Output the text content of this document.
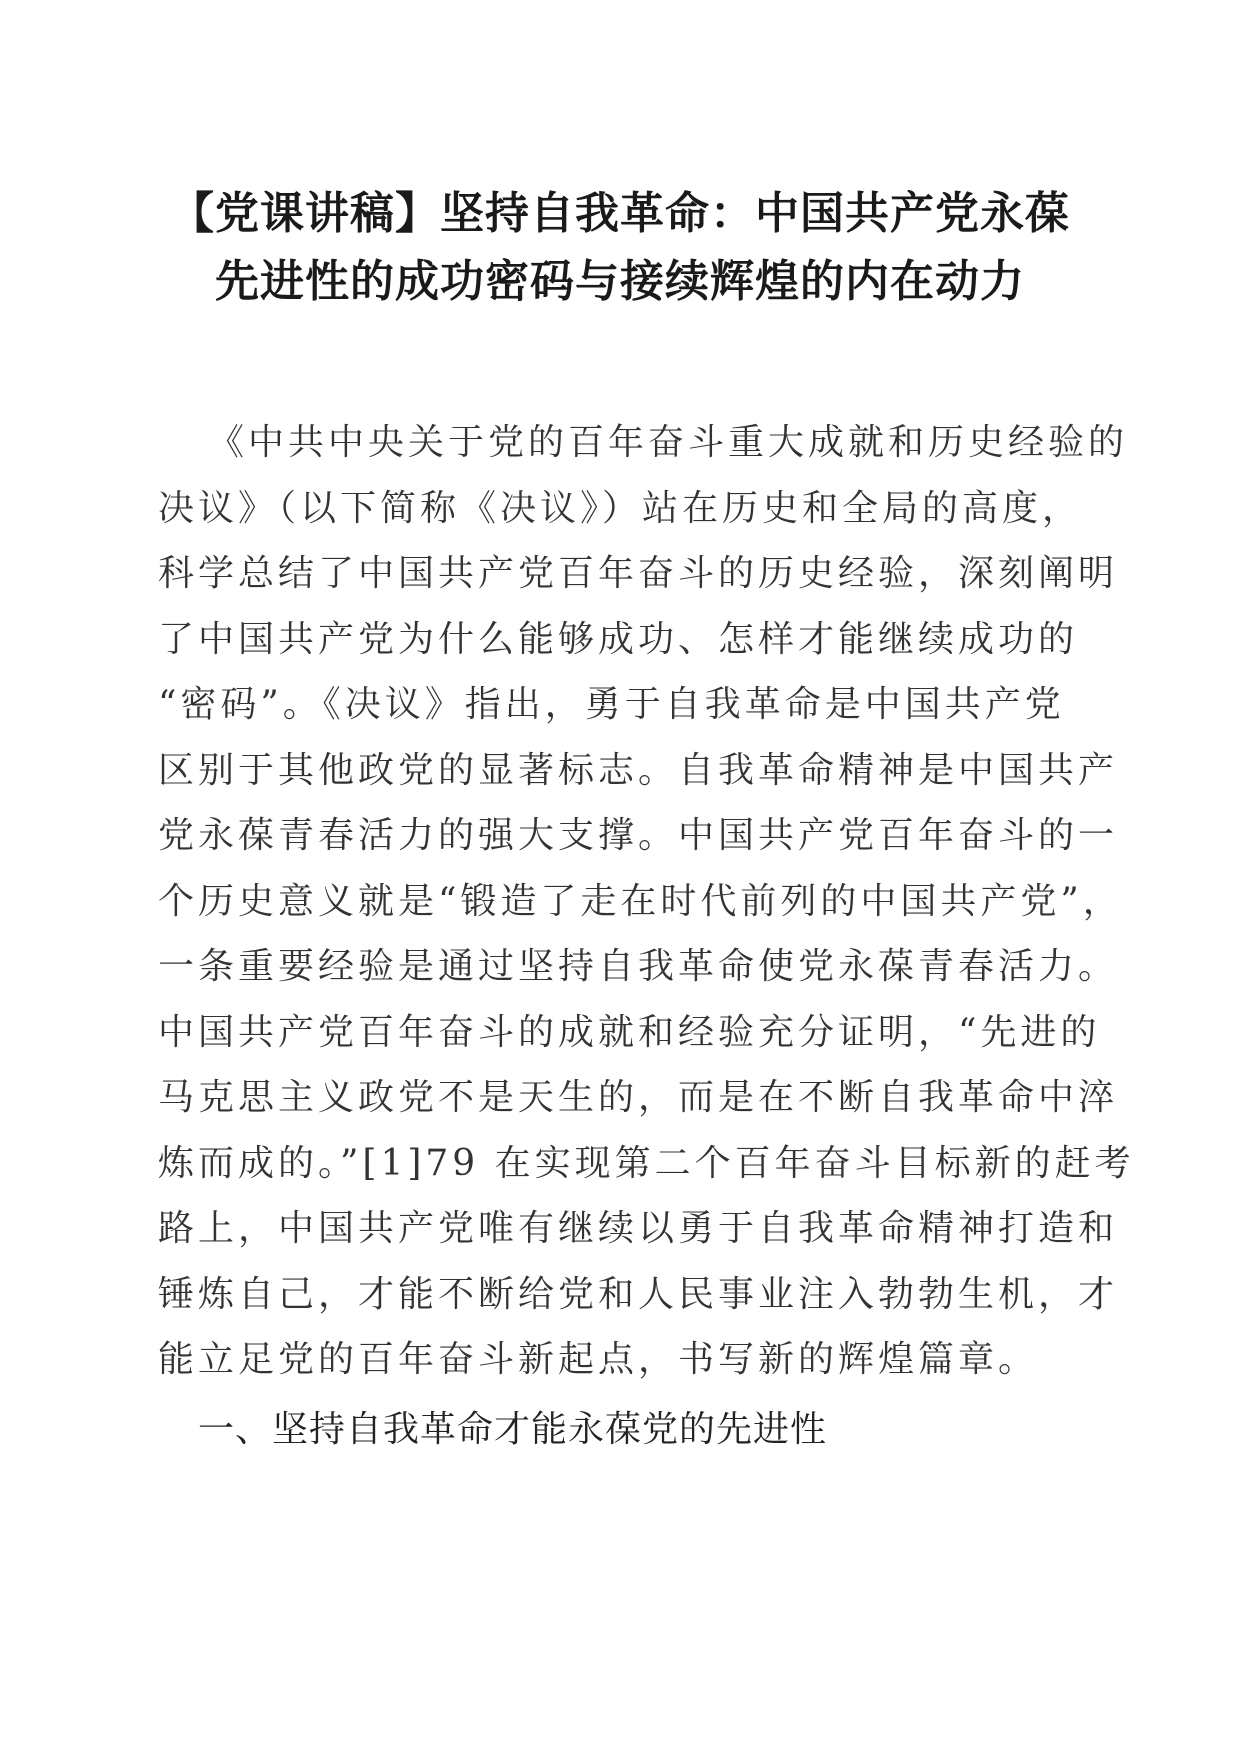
【党课讲稿】坚持自我革命：中国共产党永葆
先进性的成功密码与接续辉煌的内在动力
《中共中央关于党的百年奋斗重大成就和历史经验的
决议》（以下简称《决议》）站在历史和全局的高度，
科学总结了中国共产党百年奋斗的历史经验，深刻阐明
了中国共产党为什么能够成功、怎样才能继续成功的
“密码”。《决议》指出，勇于自我革命是中国共产党
区别于其他政党的显著标志。自我革命精神是中国共产
党永葆青春活力的强大支撑。中国共产党百年奋斗的一
个历史意义就是“锻造了走在时代前列的中国共产党”，
一条重要经验是通过坚持自我革命使党永葆青春活力。
中国共产党百年奋斗的成就和经验充分证明，“先进的
马克思主义政党不是天生的，而是在不断自我革命中淬
炼而成的。”[1]79 在实现第二个百年奋斗目标新的赶考
路上，中国共产党唯有继续以勇于自我革命精神打造和
锤炼自己，才能不断给党和人民事业注入勃勃生机，才
能立足党的百年奋斗新起点，书写新的辉煌篇章。
一、坚持自我革命才能永葆党的先进性
